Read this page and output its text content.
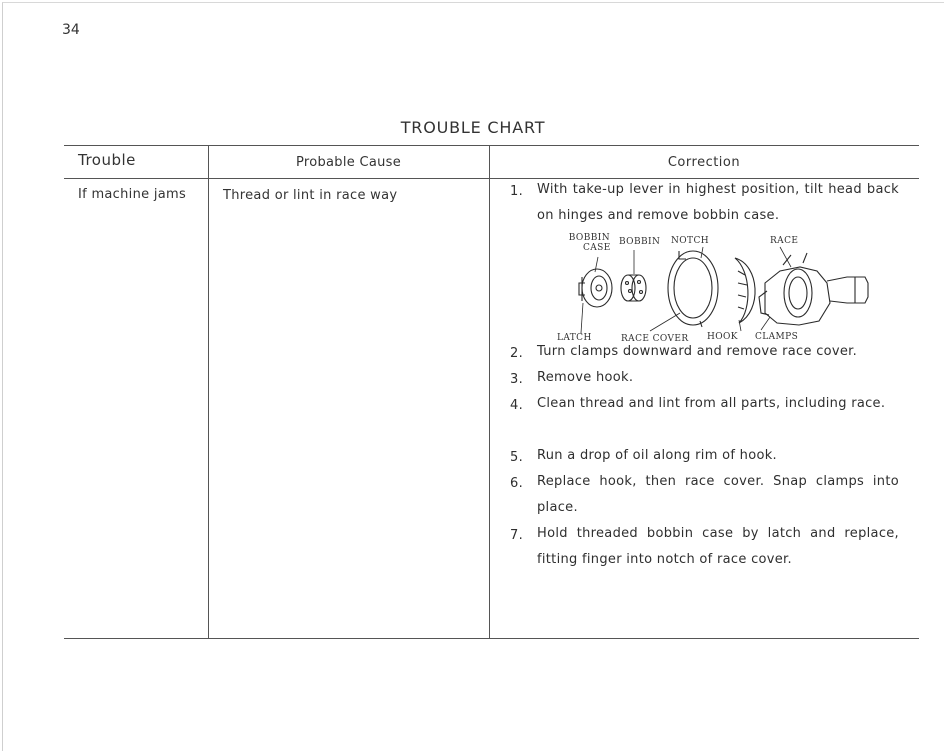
34
TROUBLE CHART
Trouble	Probable Cause	Correction
If machine jams	Thread or lint in race way	1. With take-up lever in highest position, tilt head back on hinges and remove bobbin case.
BOBBIN
CASE
BOBBIN NOTCH	RACE
LATCH	RACE COVER HOOK CLAMPS
2. Turn clamps downward and remove race cover.
3. Remove hook.
4. Clean thread and lint from all parts, including race.
5. Run a drop of oil along rim of hook.
6. Replace hook, then race cover. Snap clamps into place.
7. Hold threaded bobbin case by latch and replace, fitting finger into notch of race cover.
